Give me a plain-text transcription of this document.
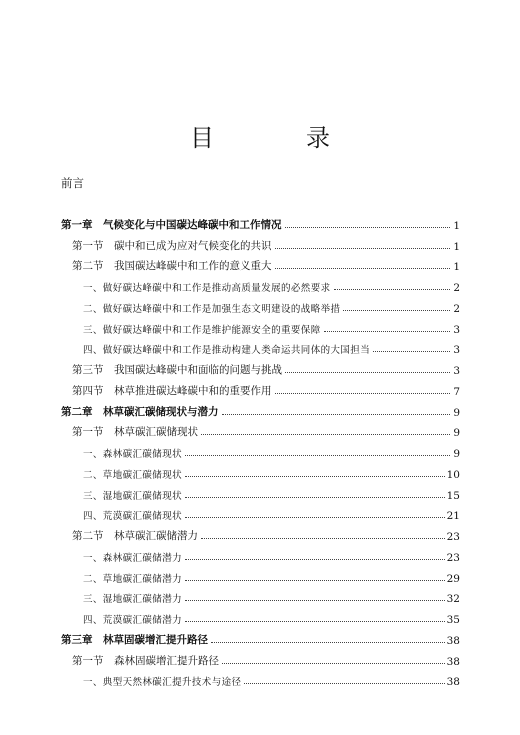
目　录
前言
第一章　气候变化与中国碳达峰碳中和工作情况	1
第一节　碳中和已成为应对气候变化的共识	1
第二节　我国碳达峰碳中和工作的意义重大	1
一、做好碳达峰碳中和工作是推动高质量发展的必然要求	2
二、做好碳达峰碳中和工作是加强生态文明建设的战略举措	2
三、做好碳达峰碳中和工作是维护能源安全的重要保障	3
四、做好碳达峰碳中和工作是推动构建人类命运共同体的大国担当	3
第三节　我国碳达峰碳中和面临的问题与挑战	3
第四节　林草推进碳达峰碳中和的重要作用	7
第二章　林草碳汇碳储现状与潜力	9
第一节　林草碳汇碳储现状	9
一、森林碳汇碳储现状	9
二、草地碳汇碳储现状	10
三、湿地碳汇碳储现状	15
四、荒漠碳汇碳储现状	21
第二节　林草碳汇碳储潜力	23
一、森林碳汇碳储潜力	23
二、草地碳汇碳储潜力	29
三、湿地碳汇碳储潜力	32
四、荒漠碳汇碳储潜力	35
第三章　林草固碳增汇提升路径	38
第一节　森林固碳增汇提升路径	38
一、典型天然林碳汇提升技术与途径	38
